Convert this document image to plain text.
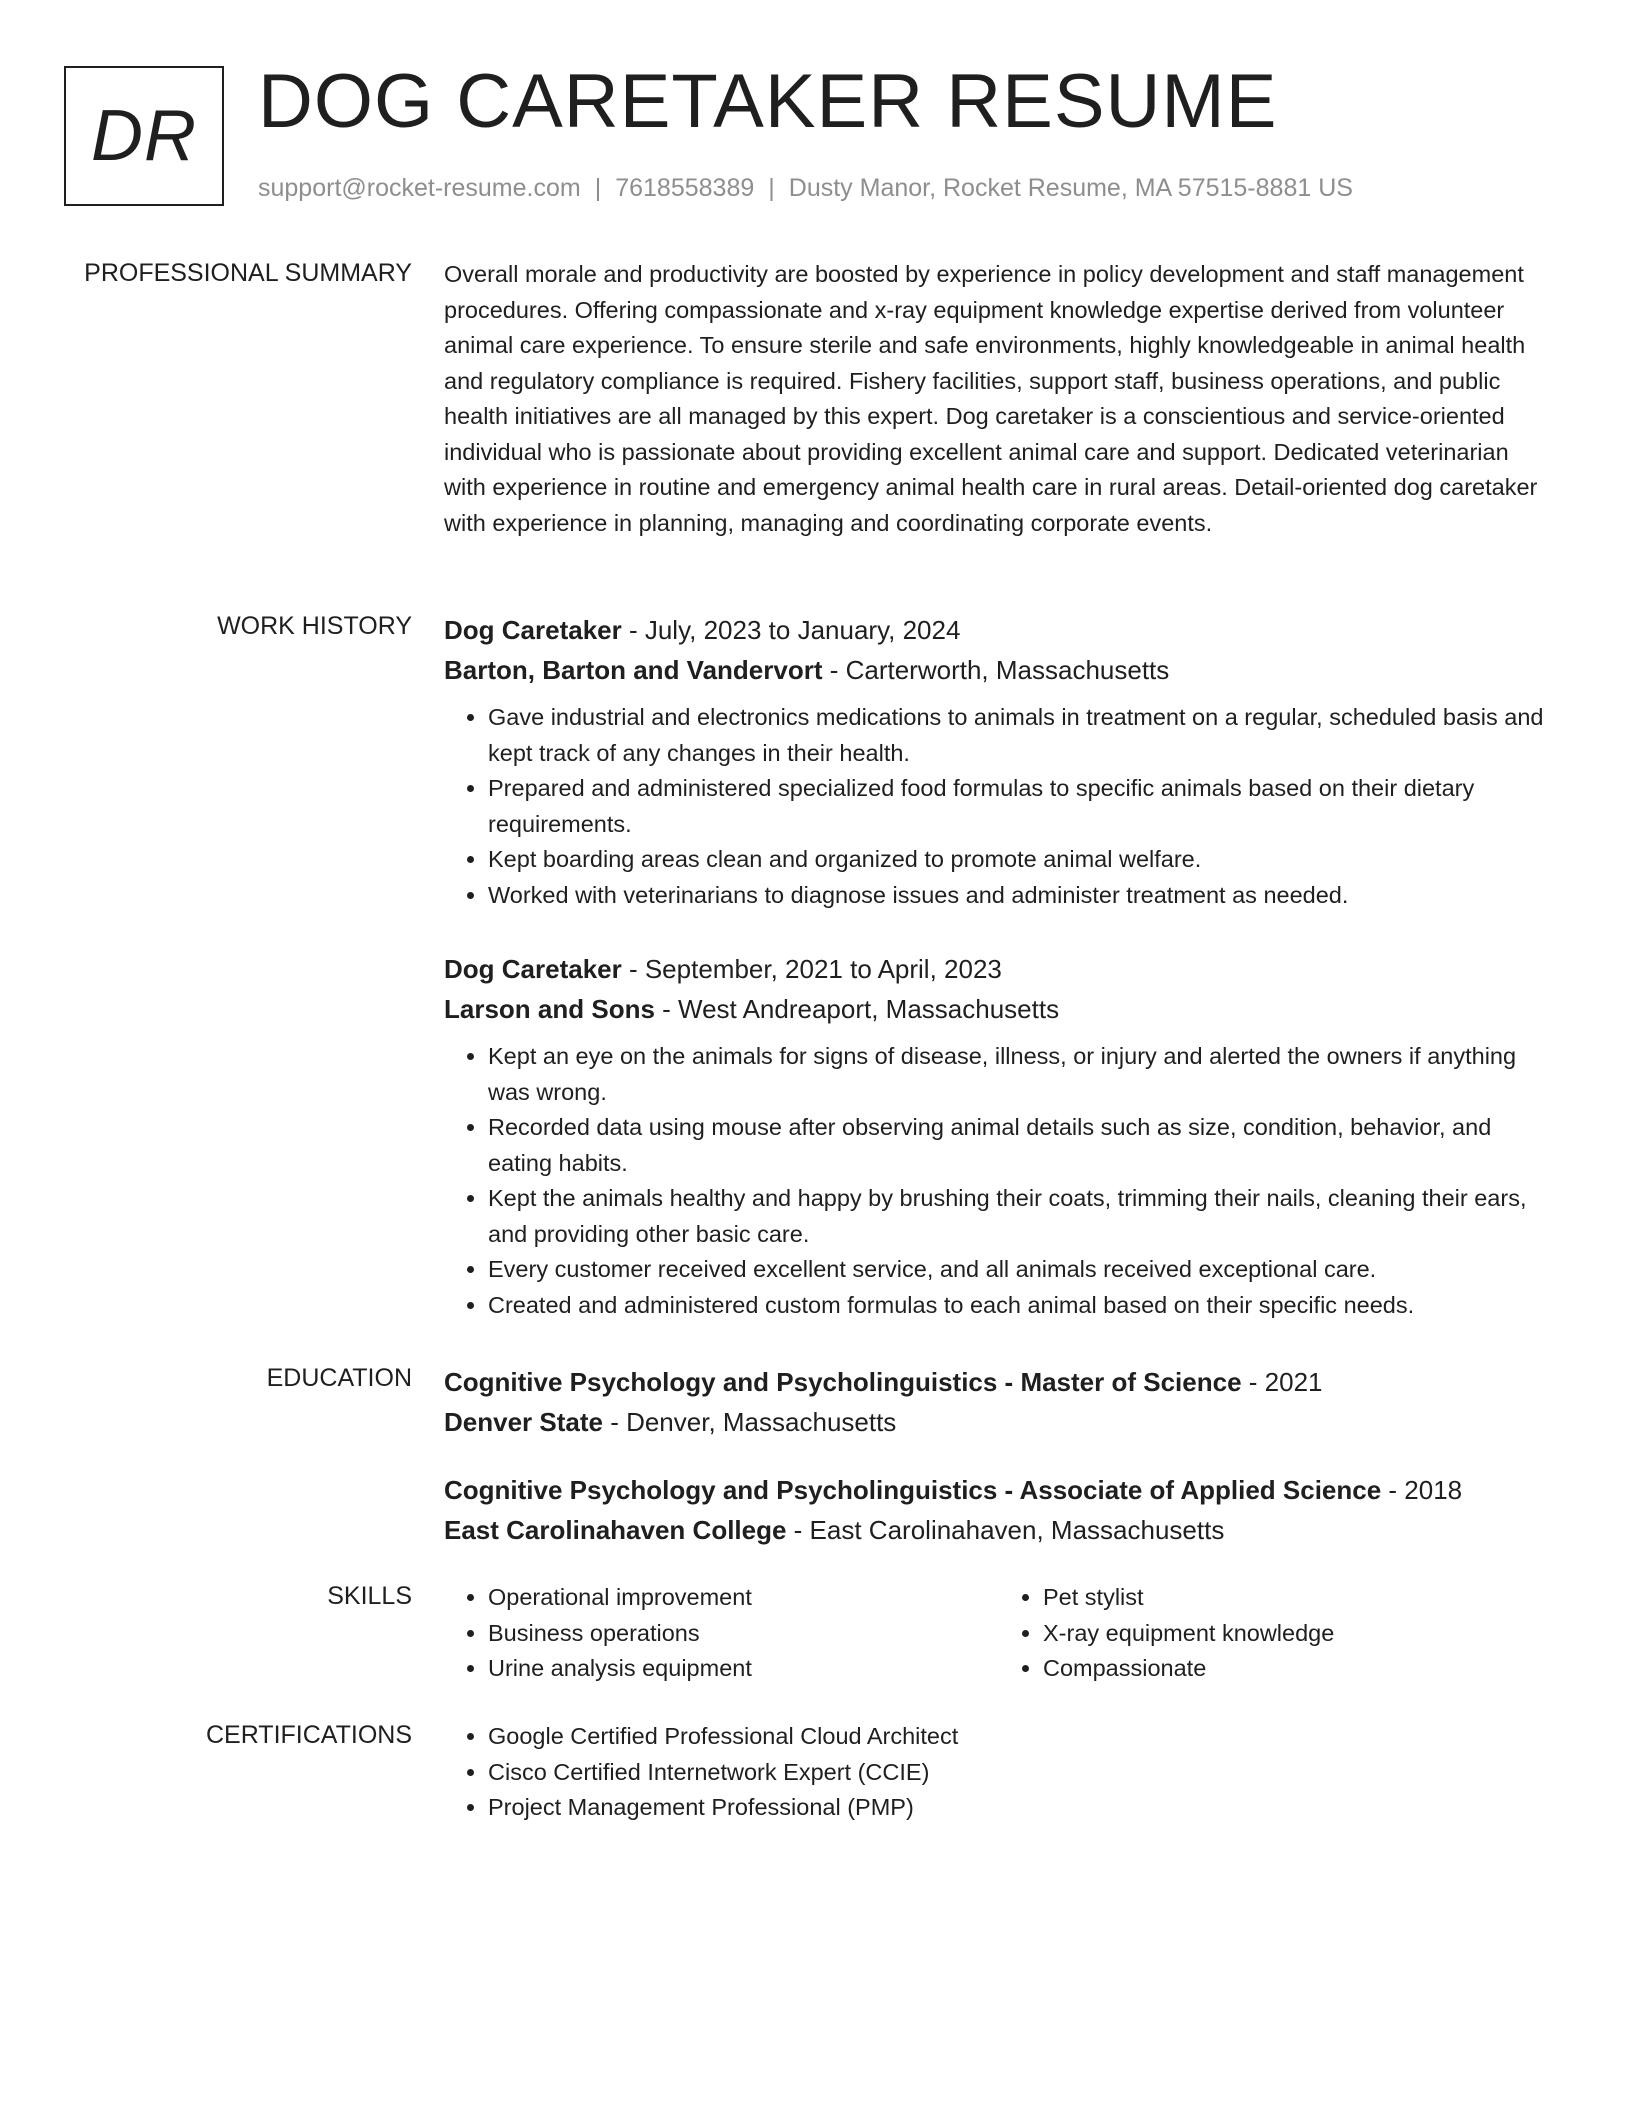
DR DOG CARETAKER RESUME
support@rocket-resume.com | 7618558389 | Dusty Manor, Rocket Resume, MA 57515-8881 US
PROFESSIONAL SUMMARY Overall morale and productivity are boosted by experience in policy development and staff management procedures. Offering compassionate and x-ray equipment knowledge expertise derived from volunteer animal care experience. To ensure sterile and safe environments, highly knowledgeable in animal health and regulatory compliance is required. Fishery facilities, support staff, business operations, and public health initiatives are all managed by this expert. Dog caretaker is a conscientious and service-oriented individual who is passionate about providing excellent animal care and support. Dedicated veterinarian with experience in routine and emergency animal health care in rural areas. Detail-oriented dog caretaker with experience in planning, managing and coordinating corporate events.
WORK HISTORY Dog Caretaker - July, 2023 to January, 2024
Barton, Barton and Vandervort - Carterworth, Massachusetts
• Gave industrial and electronics medications to animals in treatment on a regular, scheduled basis and kept track of any changes in their health.
• Prepared and administered specialized food formulas to specific animals based on their dietary requirements.
• Kept boarding areas clean and organized to promote animal welfare.
• Worked with veterinarians to diagnose issues and administer treatment as needed.
Dog Caretaker - September, 2021 to April, 2023
Larson and Sons - West Andreaport, Massachusetts
• Kept an eye on the animals for signs of disease, illness, or injury and alerted the owners if anything was wrong.
• Recorded data using mouse after observing animal details such as size, condition, behavior, and eating habits.
• Kept the animals healthy and happy by brushing their coats, trimming their nails, cleaning their ears, and providing other basic care.
• Every customer received excellent service, and all animals received exceptional care.
• Created and administered custom formulas to each animal based on their specific needs.
EDUCATION Cognitive Psychology and Psycholinguistics - Master of Science - 2021
Denver State - Denver, Massachusetts
Cognitive Psychology and Psycholinguistics - Associate of Applied Science - 2018
East Carolinahaven College - East Carolinahaven, Massachusetts
SKILLS	• Operational improvement
• Business operations
• Urine analysis equipment
• Pet stylist
• X-ray equipment knowledge
• Compassionate
CERTIFICATIONS	• Google Certified Professional Cloud Architect
• Cisco Certified Internetwork Expert (CCIE)
• Project Management Professional (PMP)
